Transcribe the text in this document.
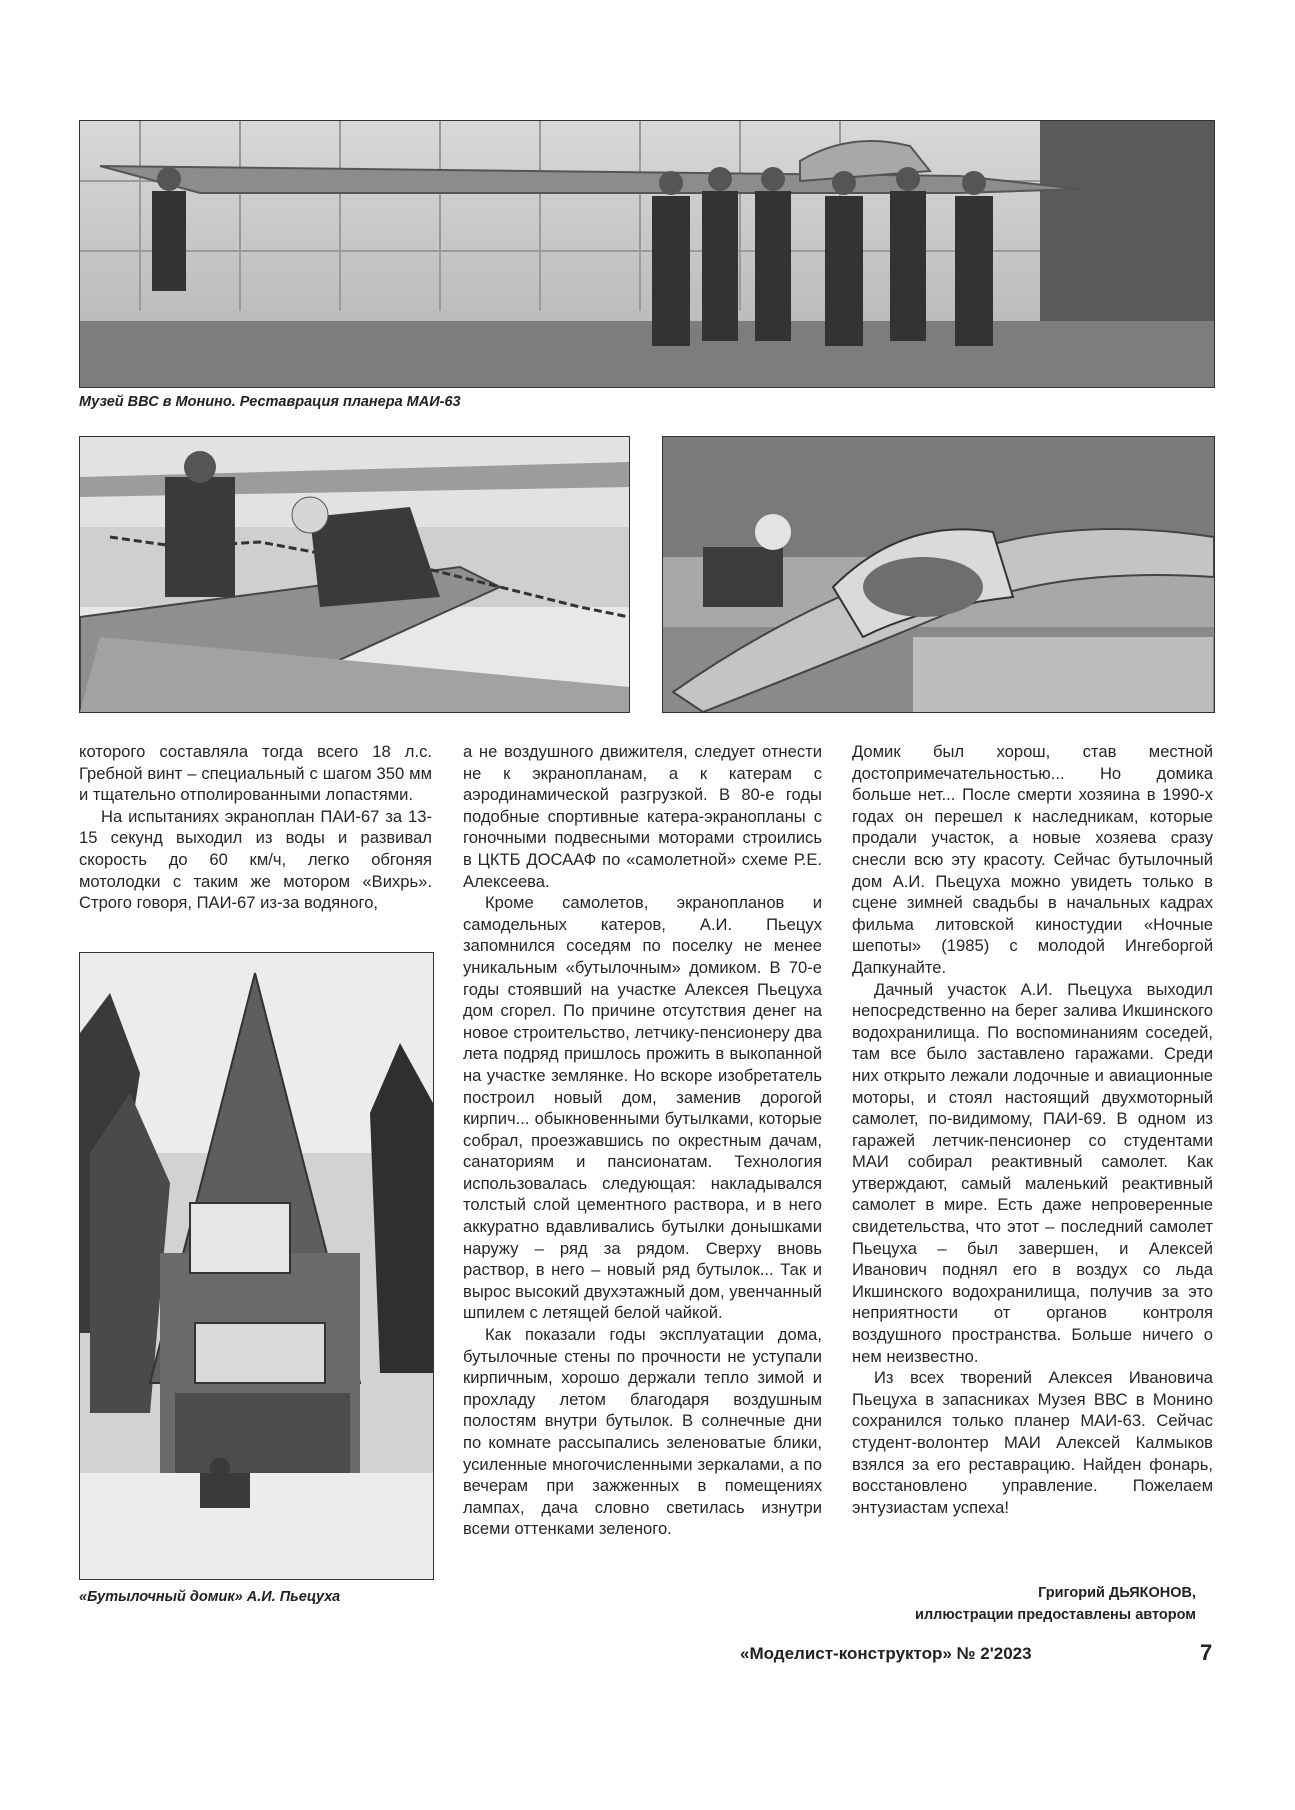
Музей ВВС в Монино. Реставрация планера МАИ-63

которого составляла тогда всего 18 л.с. Гребной винт – специальный с шагом 350 мм и тщательно отполированными лопастями.

На испытаниях экраноплан ПАИ-67 за 13-15 секунд выходил из воды и развивал скорость до 60 км/ч, легко обгоняя мотолодки с таким же мотором «Вихрь». Строго говоря, ПАИ-67 из-за водяного,

«Бутылочный домик» А.И. Пьецуха

а не воздушного движителя, следует отнести не к экранопланам, а к катерам с аэродинамической разгрузкой. В 80-е годы подобные спортивные катера-экранопланы с гоночными подвесными моторами строились в ЦКТБ ДОСААФ по «самолетной» схеме Р.Е. Алексеева.

Кроме самолетов, экранопланов и самодельных катеров, А.И. Пьецух запомнился соседям по поселку не менее уникальным «бутылочным» домиком. В 70-е годы стоявший на участке Алексея Пьецуха дом сгорел. По причине отсутствия денег на новое строительство, летчику-пенсионеру два лета подряд пришлось прожить в выкопанной на участке землянке. Но вскоре изобретатель построил новый дом, заменив дорогой кирпич... обыкновенными бутылками, которые собрал, проезжавшись по окрестным дачам, санаториям и пансионатам. Технология использовалась следующая: накладывался толстый слой цементного раствора, и в него аккуратно вдавливались бутылки донышками наружу – ряд за рядом. Сверху вновь раствор, в него – новый ряд бутылок... Так и вырос высокий двухэтажный дом, увенчанный шпилем с летящей белой чайкой.

Как показали годы эксплуатации дома, бутылочные стены по прочности не уступали кирпичным, хорошо держали тепло зимой и прохладу летом благодаря воздушным полостям внутри бутылок. В солнечные дни по комнате рассыпались зеленоватые блики, усиленные многочисленными зеркалами, а по вечерам при зажженных в помещениях лампах, дача словно светилась изнутри всеми оттенками зеленого.

Домик был хорош, став местной достопримечательностью... Но домика больше нет... После смерти хозяина в 1990-х годах он перешел к наследникам, которые продали участок, а новые хозяева сразу снесли всю эту красоту. Сейчас бутылочный дом А.И. Пьецуха можно увидеть только в сцене зимней свадьбы в начальных кадрах фильма литовской киностудии «Ночные шепоты» (1985) с молодой Ингеборгой Дапкунайте.

Дачный участок А.И. Пьецуха выходил непосредственно на берег залива Икшинского водохранилища. По воспоминаниям соседей, там все было заставлено гаражами. Среди них открыто лежали лодочные и авиационные моторы, и стоял настоящий двухмоторный самолет, по-видимому, ПАИ-69. В одном из гаражей летчик-пенсионер со студентами МАИ собирал реактивный самолет. Как утверждают, самый маленький реактивный самолет в мире. Есть даже непроверенные свидетельства, что этот – последний самолет Пьецуха – был завершен, и Алексей Иванович поднял его в воздух со льда Икшинского водохранилища, получив за это неприятности от органов контроля воздушного пространства. Больше ничего о нем неизвестно.

Из всех творений Алексея Ивановича Пьецуха в запасниках Музея ВВС в Монино сохранился только планер МАИ-63. Сейчас студент-волонтер МАИ Алексей Калмыков взялся за его реставрацию. Найден фонарь, восстановлено управление. Пожелаем энтузиастам успеха!

Григорий ДЬЯКОНОВ,
иллюстрации предоставлены автором
«Моделист-конструктор» № 2'2023	7
